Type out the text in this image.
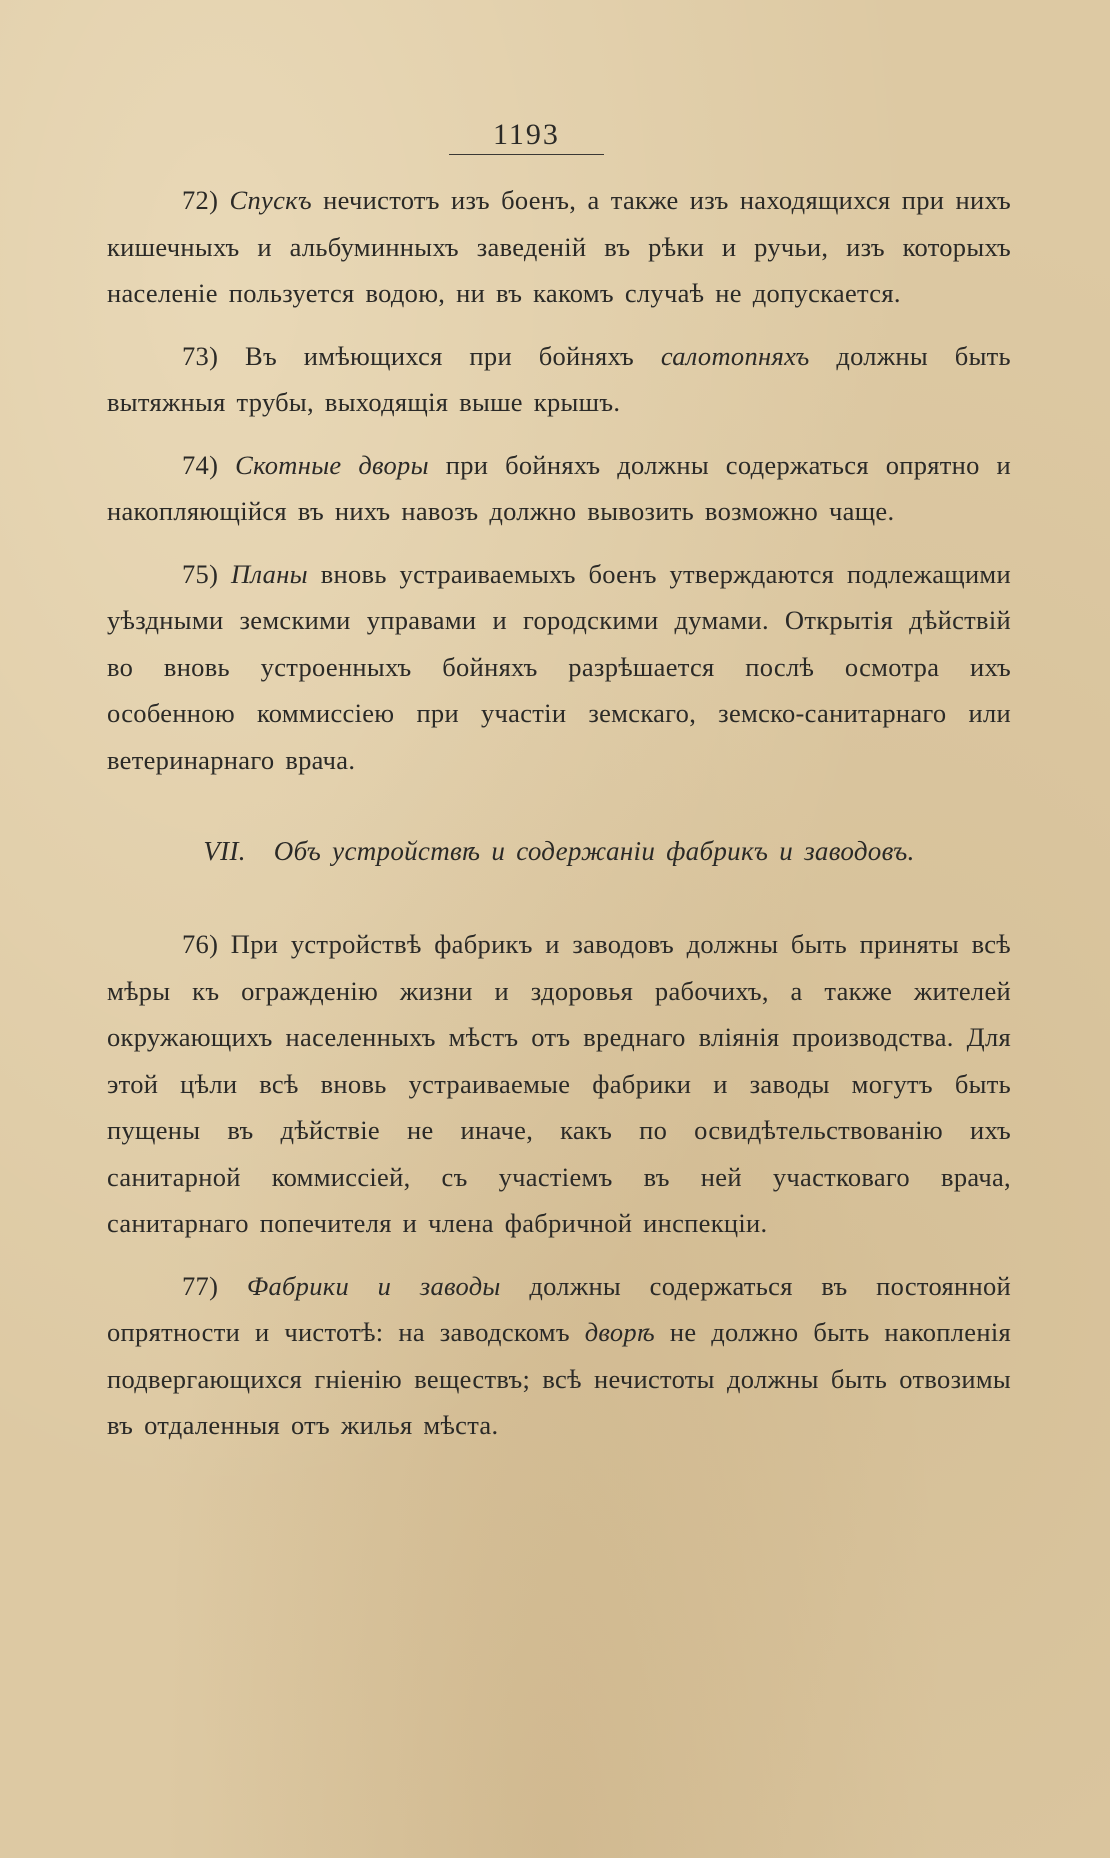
1193

72) Спускъ нечистотъ изъ боенъ, а также изъ находящихся при нихъ кишечныхъ и альбуминныхъ заведеній въ рѣки и ручьи, изъ которыхъ населеніе пользуется водою, ни въ какомъ случаѣ не допускается.

73) Въ имѣющихся при бойняхъ салотопняхъ должны быть вытяжныя трубы, выходящія выше крышъ.

74) Скотные дворы при бойняхъ должны содержаться опрятно и накопляющійся въ нихъ навозъ должно вывозить возможно чаще.

75) Планы вновь устраиваемыхъ боенъ утверждаются подлежащими уѣздными земскими управами и городскими думами. Открытія дѣйствій во вновь устроенныхъ бойняхъ разрѣшается послѣ осмотра ихъ особенною коммиссіею при участіи земскаго, земско-санитарнаго или ветеринарнаго врача.

VII. Объ устройствѣ и содержаніи фабрикъ и заводовъ.

76) При устройствѣ фабрикъ и заводовъ должны быть приняты всѣ мѣры къ огражденію жизни и здоровья рабочихъ, а также жителей окружающихъ населенныхъ мѣстъ отъ вреднаго вліянія производства. Для этой цѣли всѣ вновь устраиваемые фабрики и заводы могутъ быть пущены въ дѣйствіе не иначе, какъ по освидѣтельствованію ихъ санитарной коммиссіей, съ участіемъ въ ней участковаго врача, санитарнаго попечителя и члена фабричной инспекціи.

77) Фабрики и заводы должны содержаться въ постоянной опрятности и чистотѣ: на заводскомъ дворѣ не должно быть накопленія подвергающихся гніенію веществъ; всѣ нечистоты должны быть отвозимы въ отдаленныя отъ жилья мѣста.
